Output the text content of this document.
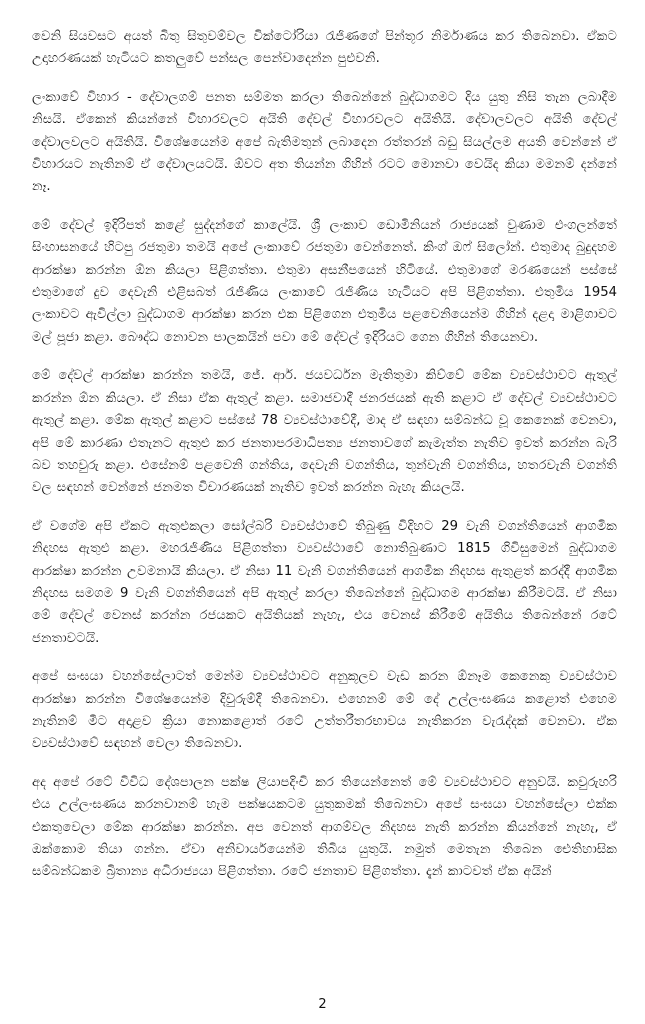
වෙනි සියවසට අයත් බිතු සිතුවම්වල වික්ටෝරියා රැජිණගේ පින්තූර නිර්මාණය කර තිබෙනවා. ඒකට උදාහරණයක් හැටියට කතලුවේ පන්සල පෙන්වාදෙන්න පුළුවනි.

ලංකාවේ විහාර - දේවාලගම් පනත සම්මත කරලා තිබෙන්නේ බුද්ධාගමට දිය යුතු නිසි තැන ලබාදීම නිසයි. ඒකෙන් කියන්නේ විහාරවලට අයිති දේවල් විහාරවලට අයිතියි. දේවාලවලට අයිති දේවල් දේවාලවලට අයිතියි. විශේෂයෙන්ම අපේ බැතිමතුන් ලබාදෙන රත්තරන් බඩු සියල්ලම අයති වෙන්නේ ඒ විහාරයට නැතිනම් ඒ දේවාලයටයි. ඕවට අත තියන්න ගිහින් රටට මොනවා වෙයිද කියා මමනම් දන්නේ නෑ.

මේ දේවල් ඉදිරිපත් කළේ සුද්දන්ගේ කාලේයි. ශ්‍රී ලංකාව ඩොමිනියන් රාජ්‍යයක් වුණාම එංගලන්තේ සිංහාසනයේ හිටපු රජතුමා තමයි අපේ ලංකාවේ රජතුමා වෙන්නෙත්. කිංග් ඔෆ් සිලෝන්. එතුමාද බුදුදහම ආරක්ෂා කරන්න ඕන කියලා පිළිගත්තා. එතුමා අසනීපයෙන් හිටියේ. එතුමාගේ මරණයෙන් පස්සේ එතුමාගේ දුව දෙවැනි එළිසබත් රැජිණිය ලංකාවේ රැජිණිය හැටියට අපි පිළිගත්තා. එතුමිය 1954 ලංකාවට ඇවිල්ලා බුද්ධාගම ආරක්ෂා කරන එක පිළිගෙන එතුමිය පළවෙනියෙන්ම ගිහින් දළදා මාළිගාවට මල් පූජා කළා. බෞද්ධ නොවන පාලකයින් පවා මේ දේවල් ඉදිරියට ගෙන ගිහින් තියෙනවා.

මේ දේවල් ආරක්ෂා කරන්න තමයි, ජේ. ආර්. ජයවර්ධන මැතිතුමා කිව්වේ මේක ව්‍යවස්ථාවට ඇතුල් කරන්න ඕන කියලා. ඒ නිසා ඒක ඇතුල් කළා. සමාජවාදී ජනරජයක් ඇති කළාට ඒ දේවල් ව්‍යවස්ථාවට ඇතුල් කළා. මේක ඇතුල් කළාට පස්සේ 78 ව්‍යවස්ථාවේදී, මාද ඒ සඳහා සම්බන්ධ වූ කෙනෙක් වෙනවා, අපි මේ කාරණා එතැනට ඇතුළු කර ජනතාපරමාධිපත්‍ය ජනතාවගේ කැමැත්ත නැතිව ඉවත් කරන්න බැරි බව තහවුරු කළා. එසේනම් පළවෙනි ගන්තිය, දෙවැනි වගන්තිය, තුන්වැනි වගන්තිය, හතරවැනි වගන්ති වල සඳහන් වෙන්නේ ජනමත විචාරණයක් නැතිව ඉවත් කරන්න බැහැ කියලයි.

ඒ වගේම අපි ඒකට ඇතුළුකලා සෝල්බරි ව්‍යවස්ථාවේ තිබුණු විදිහට 29 වැනි වගන්තියෙන් ආගමික නිදහස ඇතුළු කළා. මහරැජිණිය පිළිගත්තා ව්‍යවස්ථාවේ නොතිබුණාට 1815 ගිවිසුමෙන් බුද්ධාගම ආරක්ෂා කරන්න උවමනායි කියලා. ඒ නිසා 11 වැනි වගන්තියෙන් ආගමික නිදහස ඇතුළත් කරද්දී ආගමික නිදහස සමගම 9 වැනි වගන්තියෙන් අපි ඇතුල් කරලා තිබෙන්නේ බුද්ධාගම ආරක්ෂා කිරීමටයි. ඒ නිසා මේ දේවල් වෙනස් කරන්න රජයකට අයිතියක් නැහැ, එය වෙනස් කිරීමේ අයිතිය තිබෙන්නේ රටේ ජනතාවටයි.

අපේ සංඝයා වහන්සේලාටත් මෙන්ම ව්‍යවස්ථාවට අනුකූලව වැඩ කරන ඕනෑම කෙනෙකු ව්‍යවස්ථාව ආරක්ෂා කරන්න විශේෂයෙන්ම දිවුරුම්දී තිබෙනවා. එහෙනම් මේ දේ උල්ලංඝණය කළොත් එහෙම නැතිනම් මීට අදාළව ක්‍රියා නොකළොත් රටේ උත්තරීතරභාවය නැතිකරන වැරැද්දක් වෙනවා. ඒක ව්‍යවස්ථාවේ සඳහන් වෙලා තිබෙනවා.

අද අපේ රටේ විවිධ දේශපාලන පක්ෂ ලියාපදිංචි කර තියෙන්නෙත් මේ ව්‍යවස්ථාවට අනුවයි. කවුරුහරි එය උල්ලංඝණය කරනවානම් හැම පක්ෂයකටම යුතුකමක් තිබෙනවා අපේ සංඝයා වහන්සේලා එක්ක එකතුවෙලා මේක ආරක්ෂා කරන්න. අප වෙනත් ආගම්වල නිදහස නැති කරන්න කියන්නේ නැහැ, ඒ ඔක්කොම තියා ගන්න. ඒවා අනිවාර්යයෙන්ම තිබිය යුතුයි. නමුත් මෙතැන තිබෙන ඓතිහාසික සම්බන්ධකම බ්‍රිතාන්‍ය අධිරාජ්‍යයා පිළිගත්තා. රටේ ජනතාව පිළිගත්තා. දැන් කාටවත් ඒක අයින්

2
